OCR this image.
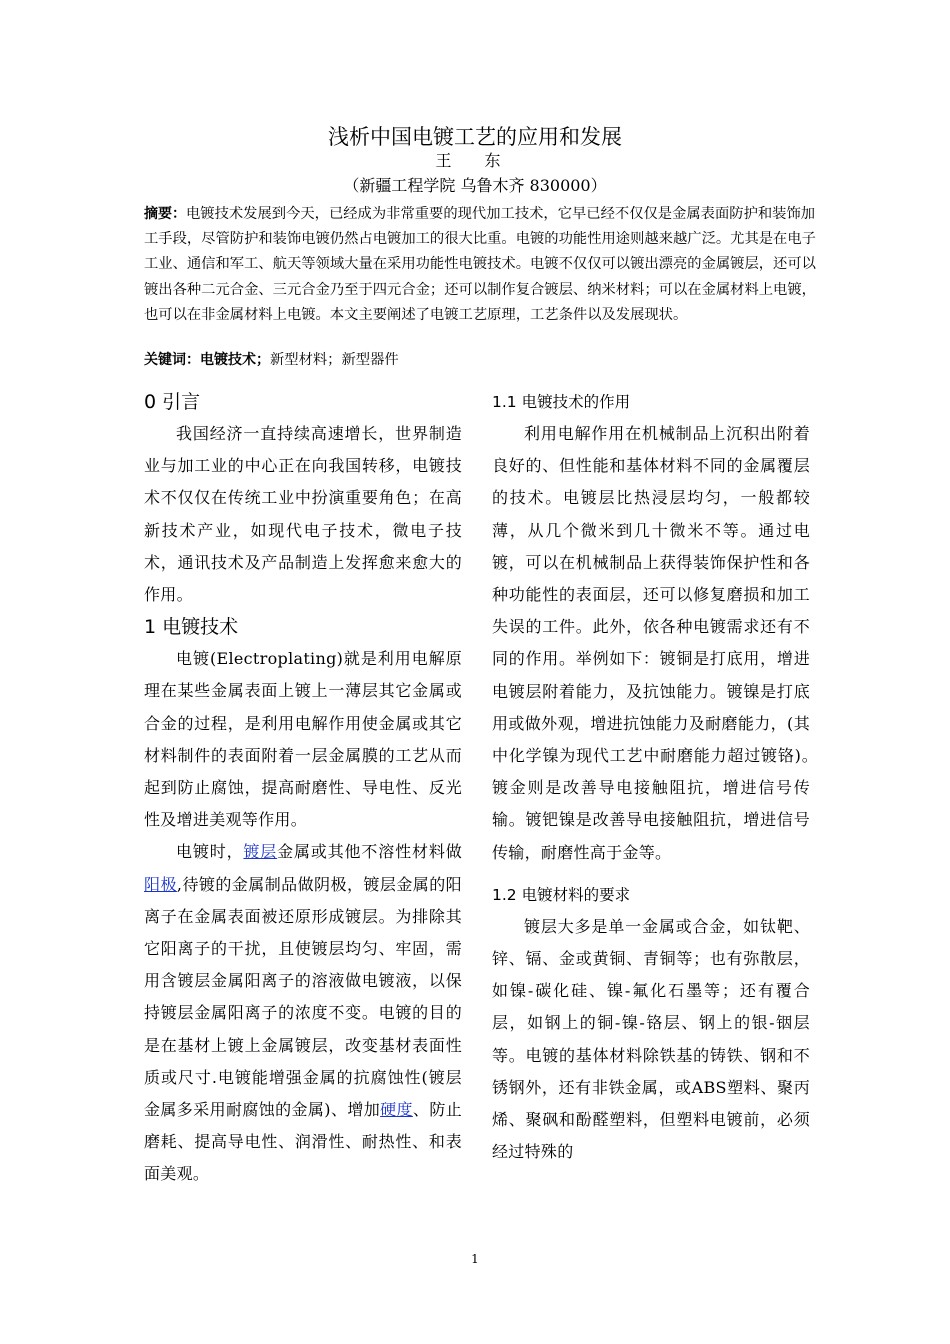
浅析中国电镀工艺的应用和发展
王 东
（新疆工程学院 乌鲁木齐 830000）
摘要：电镀技术发展到今天，已经成为非常重要的现代加工技术，它早已经不仅仅是金属表面防护和装饰加工手段，尽管防护和装饰电镀仍然占电镀加工的很大比重。电镀的功能性用途则越来越广泛。尤其是在电子工业、通信和军工、航天等领域大量在采用功能性电镀技术。电镀不仅仅可以镀出漂亮的金属镀层，还可以镀出各种二元合金、三元合金乃至于四元合金；还可以制作复合镀层、纳米材料；可以在金属材料上电镀，也可以在非金属材料上电镀。本文主要阐述了电镀工艺原理，工艺条件以及发展现状。
关键词：电镀技术；新型材料；新型器件
0 引言

我国经济一直持续高速增长，世界制造业与加工业的中心正在向我国转移，电镀技术不仅仅在传统工业中扮演重要角色；在高新技术产业，如现代电子技术，微电子技术，通讯技术及产品制造上发挥愈来愈大的作用。

1 电镀技术

电镀(Electroplating)就是利用电解原理在某些金属表面上镀上一薄层其它金属或合金的过程，是利用电解作用使金属或其它材料制件的表面附着一层金属膜的工艺从而起到防止腐蚀，提高耐磨性、导电性、反光性及增进美观等作用。

电镀时，镀层金属或其他不溶性材料做阳极,待镀的金属制品做阴极，镀层金属的阳离子在金属表面被还原形成镀层。为排除其它阳离子的干扰，且使镀层均匀、牢固，需用含镀层金属阳离子的溶液做电镀液，以保持镀层金属阳离子的浓度不变。电镀的目的是在基材上镀上金属镀层，改变基材表面性质或尺寸.电镀能增强金属的抗腐蚀性(镀层金属多采用耐腐蚀的金属)、增加硬度、防止磨耗、提高导电性、润滑性、耐热性、和表面美观。

1.1 电镀技术的作用

利用电解作用在机械制品上沉积出附着良好的、但性能和基体材料不同的金属覆层的技术。电镀层比热浸层均匀，一般都较薄，从几个微米到几十微米不等。通过电镀，可以在机械制品上获得装饰保护性和各种功能性的表面层，还可以修复磨损和加工失误的工件。此外，依各种电镀需求还有不同的作用。举例如下：镀铜是打底用，增进电镀层附着能力，及抗蚀能力。镀镍是打底用或做外观，增进抗蚀能力及耐磨能力，(其中化学镍为现代工艺中耐磨能力超过镀铬)。　　镀金则是改善导电接触阻抗，增进信号传输。镀钯镍是改善导电接触阻抗，增进信号传输，耐磨性高于金等。

1.2 电镀材料的要求

镀层大多是单一金属或合金，如钛靶、锌、镉、金或黄铜、青铜等；也有弥散层，如镍-碳化硅、镍-氟化石墨等；还有覆合层，如钢上的铜-镍-铬层、钢上的银-铟层等。电镀的基体材料除铁基的铸铁、钢和不锈钢外，还有非铁金属，或ABS塑料、聚丙烯、聚砜和酚醛塑料，但塑料电镀前，必须经过特殊的

1
